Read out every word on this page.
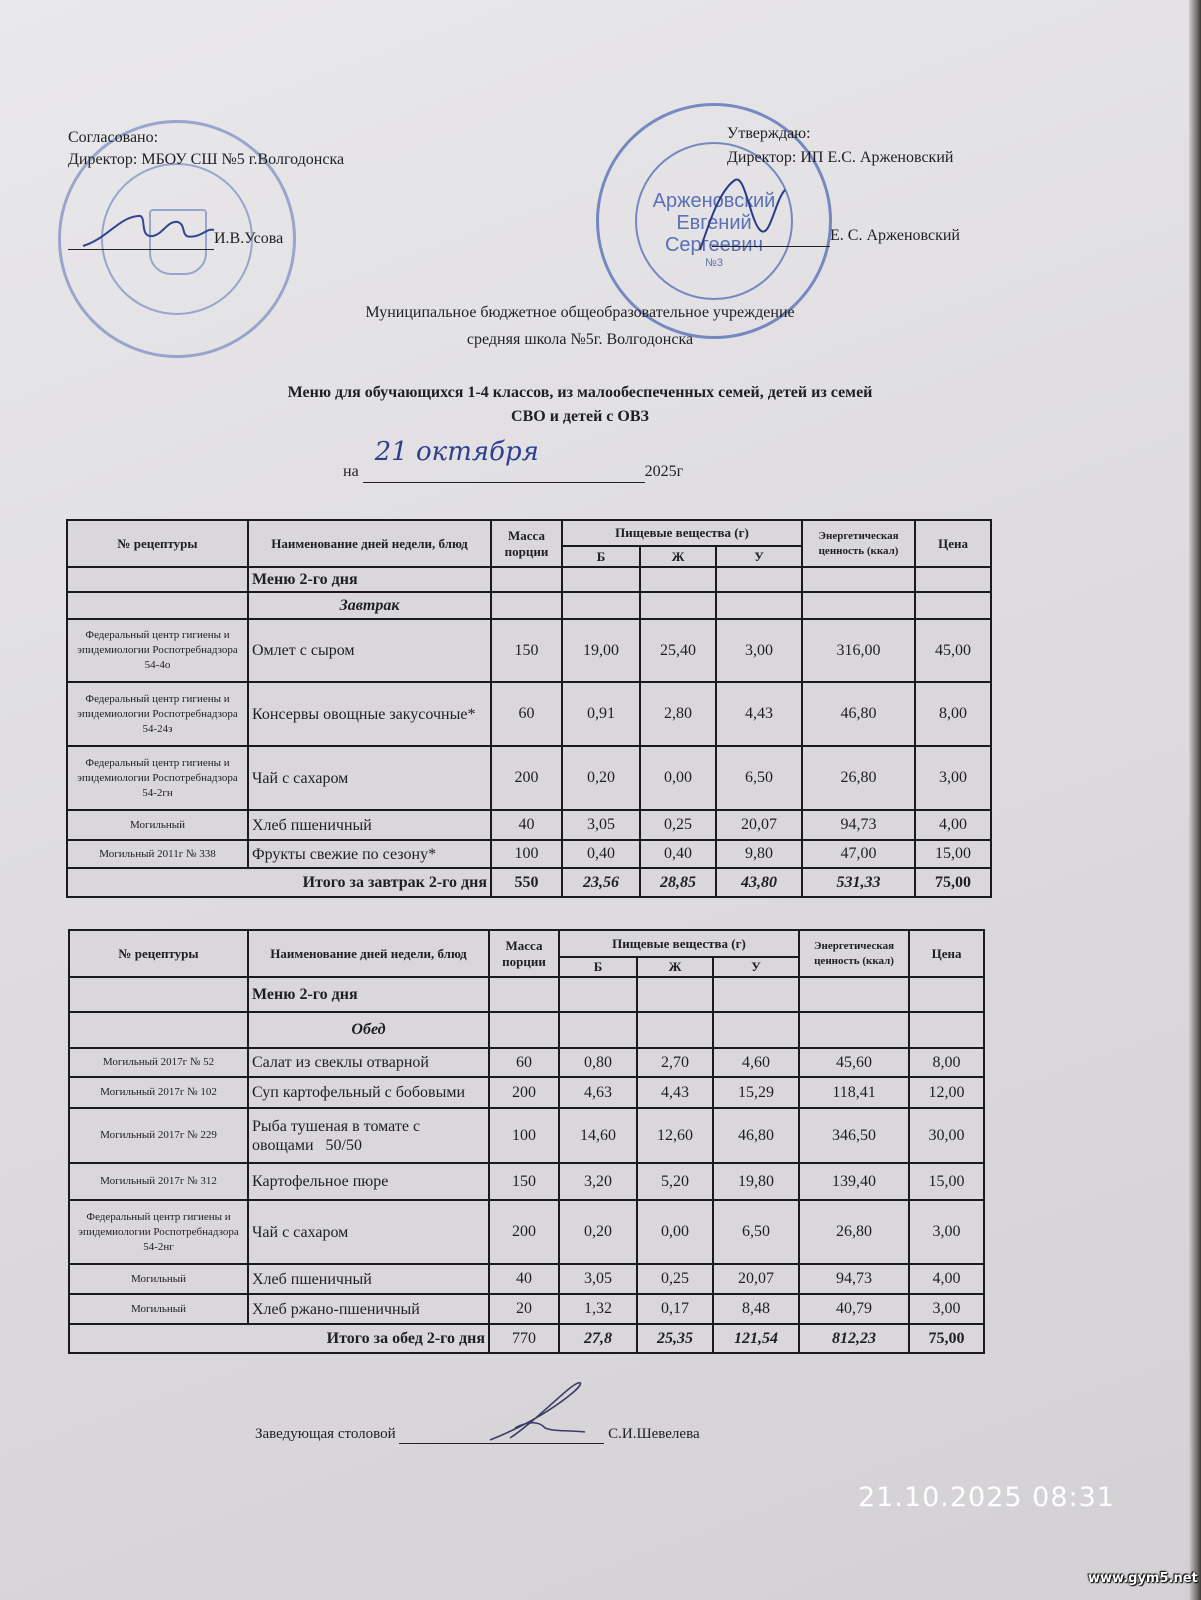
Арженовский
Евгений
Сергеевич
№3
Согласовано:
Директор: МБОУ СШ №5 г.Волгодонска
И.В.Усова
Утверждаю:
Директор: ИП Е.С. Арженовский
Е. С. Арженовский
Муниципальное бюджетное общеобразовательное учреждение
средняя школа №5г. Волгодонска
Меню для обучающихся 1-4 классов, из малообеспеченных семей, детей из семей
СВО и детей с ОВЗ
на
21 октября
2025г
№ рецептуры	Наименование дней недели, блюд	Масса порции	Пищевые вещества (г)			Энергетическая ценность (ккал)	Цена
			Б	Ж	У		
	Меню 2-го дня						
	Завтрак						
Федеральный центр гигиены и эпидемиологии Роспотребнадзора 54-4о	Омлет с сыром	150	19,00	25,40	3,00	316,00	45,00
Федеральный центр гигиены и эпидемиологии Роспотребнадзора 54-24з	Консервы овощные закусочные*	60	0,91	2,80	4,43	46,80	8,00
Федеральный центр гигиены и эпидемиологии Роспотребнадзора 54-2гн	Чай с сахаром	200	0,20	0,00	6,50	26,80	3,00
Могильный	Хлеб пшеничный	40	3,05	0,25	20,07	94,73	4,00
Могильный 2011г № 338	Фрукты свежие по сезону*	100	0,40	0,40	9,80	47,00	15,00
Итого за завтрак 2-го дня		550	23,56	28,85	43,80	531,33	75,00
№ рецептуры	Наименование дней недели, блюд	Масса порции	Пищевые вещества (г)			Энергетическая ценность (ккал)	Цена
			Б	Ж	У		
	Меню 2-го дня						
	Обед						
Могильный 2017г № 52	Салат из свеклы отварной	60	0,80	2,70	4,60	45,60	8,00
Могильный 2017г № 102	Суп картофельный с бобовыми	200	4,63	4,43	15,29	118,41	12,00
Могильный 2017г № 229	Рыба тушеная в томате с овощами   50/50	100	14,60	12,60	46,80	346,50	30,00
Могильный 2017г № 312	Картофельное пюре	150	3,20	5,20	19,80	139,40	15,00
Федеральный центр гигиены и эпидемиологии Роспотребнадзора 54-2нг	Чай с сахаром	200	0,20	0,00	6,50	26,80	3,00
Могильный	Хлеб пшеничный	40	3,05	0,25	20,07	94,73	4,00
Могильный	Хлеб ржано-пшеничный	20	1,32	0,17	8,48	40,79	3,00
Итого за обед 2-го дня		770	27,8	25,35	121,54	812,23	75,00
Заведующая столовой	С.И.Шевелева
21.10.2025 08:31
www.gym5.net
